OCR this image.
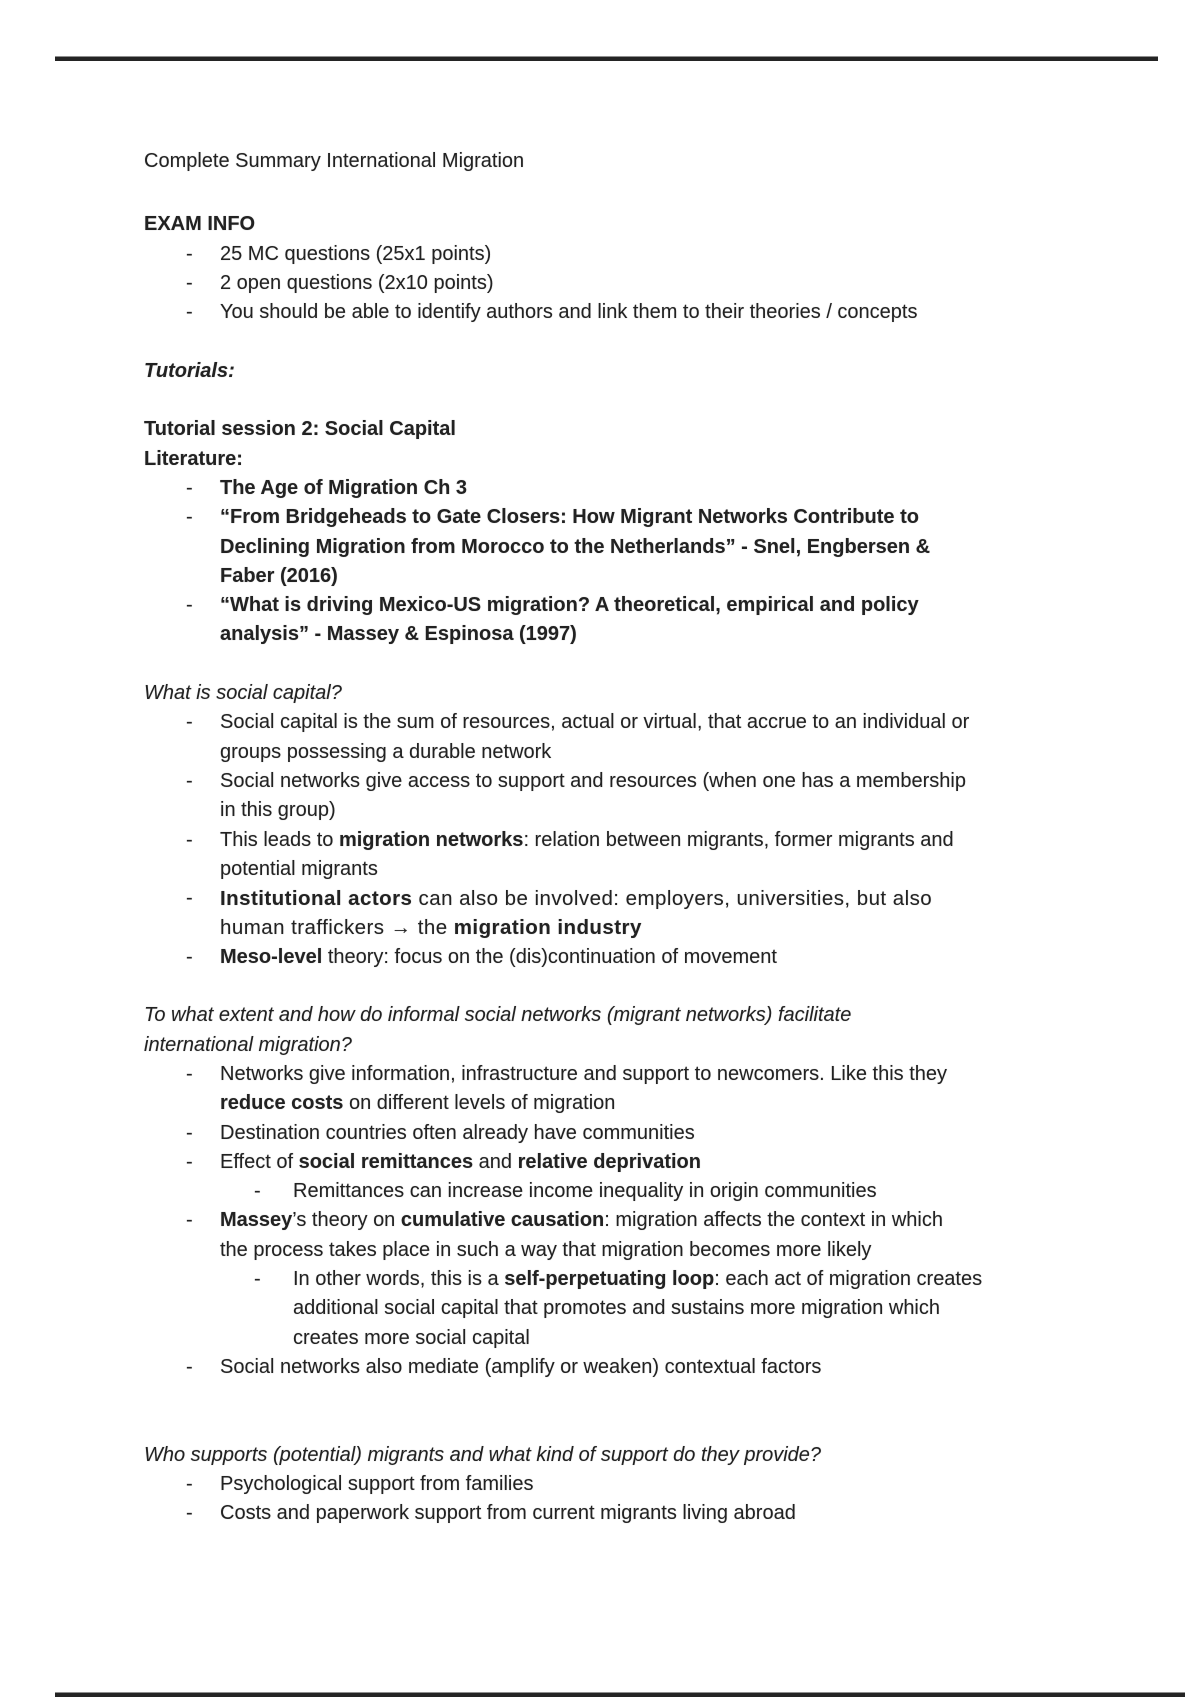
Complete Summary International Migration
EXAM INFO
- 25 MC questions (25x1 points)
- 2 open questions (2x10 points)
- You should be able to identify authors and link them to their theories / concepts
Tutorials:
Tutorial session 2: Social Capital
Literature:
- The Age of Migration Ch 3
- “From Bridgeheads to Gate Closers: How Migrant Networks Contribute to
Declining Migration from Morocco to the Netherlands” - Snel, Engbersen &
Faber (2016)
- “What is driving Mexico-US migration? A theoretical, empirical and policy
analysis” - Massey & Espinosa (1997)
What is social capital?
- Social capital is the sum of resources, actual or virtual, that accrue to an individual or
groups possessing a durable network
- Social networks give access to support and resources (when one has a membership
in this group)
- This leads to migration networks: relation between migrants, former migrants and
potential migrants
- Institutional actors can also be involved: employers, universities, but also
human traffickers → the migration industry
- Meso-level theory: focus on the (dis)continuation of movement
To what extent and how do informal social networks (migrant networks) facilitate
international migration?
- Networks give information, infrastructure and support to newcomers. Like this they
reduce costs on different levels of migration
- Destination countries often already have communities
- Effect of social remittances and relative deprivation
- Remittances can increase income inequality in origin communities
- Massey’s theory on cumulative causation: migration affects the context in which
the process takes place in such a way that migration becomes more likely
- In other words, this is a self-perpetuating loop: each act of migration creates
additional social capital that promotes and sustains more migration which
creates more social capital
- Social networks also mediate (amplify or weaken) contextual factors
Who supports (potential) migrants and what kind of support do they provide?
- Psychological support from families
- Costs and paperwork support from current migrants living abroad
